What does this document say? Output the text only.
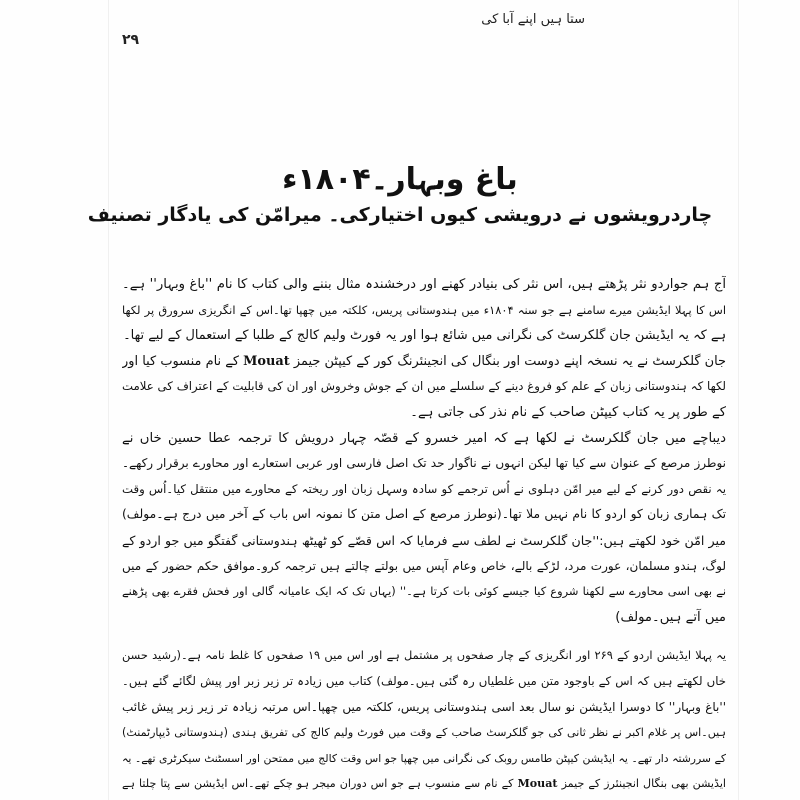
ستا ہیں اپنے آبا کی
۲۹
باغ وبہار۔۱۸۰۴ء
چاردرویشوں نے درویشی کیوں اختیارکی۔ میرامّن کی یادگار تصنیف
آج ہم جواردو نثر پڑھتے ہیں، اس نثر کی بنیادر کھنے اور درخشندہ مثال بننے والی کتاب کا نام ''باغ وبہار'' ہے۔
اس کا پہلا ایڈیشن میرے سامنے ہے جو سنہ ۱۸۰۴ء میں ہندوستانی پریس، کلکتہ میں چھپا تھا۔اس کے انگریزی سرورق پر لکھا
ہے کہ یہ ایڈیشن جان گلکرسٹ کی نگرانی میں شائع ہوا اور یہ فورٹ ولیم کالج کے طلبا کے استعمال کے لیے تھا۔
جان گلکرسٹ نے یہ نسخہ اپنے دوست اور بنگال کی انجینئرنگ کور کے کیپٹن جیمز Mouat کے نام منسوب کیا اور
لکھا کہ ہندوستانی زبان کے علم کو فروغ دینے کے سلسلے میں ان کے جوش وخروش اور ان کی قابلیت کے اعتراف کی علامت
کے طور پر یہ کتاب کیپٹن صاحب کے نام نذر کی جاتی ہے۔
دیباچے میں جان گلکرسٹ نے لکھا ہے کہ امیر خسرو کے قصّہ چہار درویش کا ترجمہ عطا حسین خاں نے
نوطرز مرصع کے عنوان سے کیا تھا لیکن انہوں نے ناگوار حد تک اصل فارسی اور عربی استعارے اور محاورے برقرار رکھے۔
یہ نقص دور کرنے کے لیے میر امّن دہلوی نے اُس ترجمے کو سادہ وسہل زبان اور ریختہ کے محاورے میں منتقل کیا۔اُس وقت
تک ہماری زبان کو اردو کا نام نہیں ملا تھا۔(نوطرز مرصع کے اصل متن کا نمونہ اس باب کے آخر میں درج ہے۔مولف)
میر امّن خود لکھتے ہیں:''جان گلکرسٹ نے لطف سے فرمایا کہ اس قصّے کو ٹھیٹھ ہندوستانی گفتگو میں جو اردو کے
لوگ، ہندو مسلمان، عورت مرد، لڑکے بالے، خاص وعام آپس میں بولتے چالتے ہیں ترجمہ کرو۔موافق حکم حضور کے میں
نے بھی اسی محاورے سے لکھنا شروع کیا جیسے کوئی بات کرتا ہے۔'' (یہاں تک کہ ایک عامیانہ گالی اور فحش فقرے بھی پڑھنے
میں آتے ہیں۔مولف)
یہ پہلا ایڈیشن اردو کے ۲۶۹ اور انگریزی کے چار صفحوں پر مشتمل ہے اور اس میں ۱۹ صفحوں کا غلط نامہ ہے۔(رشید حسن
خاں لکھتے ہیں کہ اس کے باوجود متن میں غلطیاں رہ گئی ہیں۔مولف) کتاب میں زیادہ تر زیر زبر اور پیش لگائے گئے ہیں۔
''باغ وبہار'' کا دوسرا ایڈیشن نو سال بعد اسی ہندوستانی پریس، کلکتہ میں چھپا۔اس مرتبہ زیادہ تر زیر زبر پیش غائب
ہیں۔اس پر غلام اکبر نے نظر ثانی کی جو گلکرسٹ صاحب کے وقت میں فورٹ ولیم کالج کی تفریق ہندی (ہندوستانی ڈیپارٹمنٹ)
کے سررشتہ دار تھے۔ یہ ایڈیشن کیپٹن طامس روبک کی نگرانی میں چھپا جو اس وقت کالج میں ممتحن اور اسسٹنٹ سیکرٹری تھے۔ یہ
ایڈیشن بھی بنگال انجینئرز کے جیمز Mouat کے نام سے منسوب ہے جو اس دوران میجر ہو چکے تھے۔اس ایڈیشن سے پتا چلتا ہے
